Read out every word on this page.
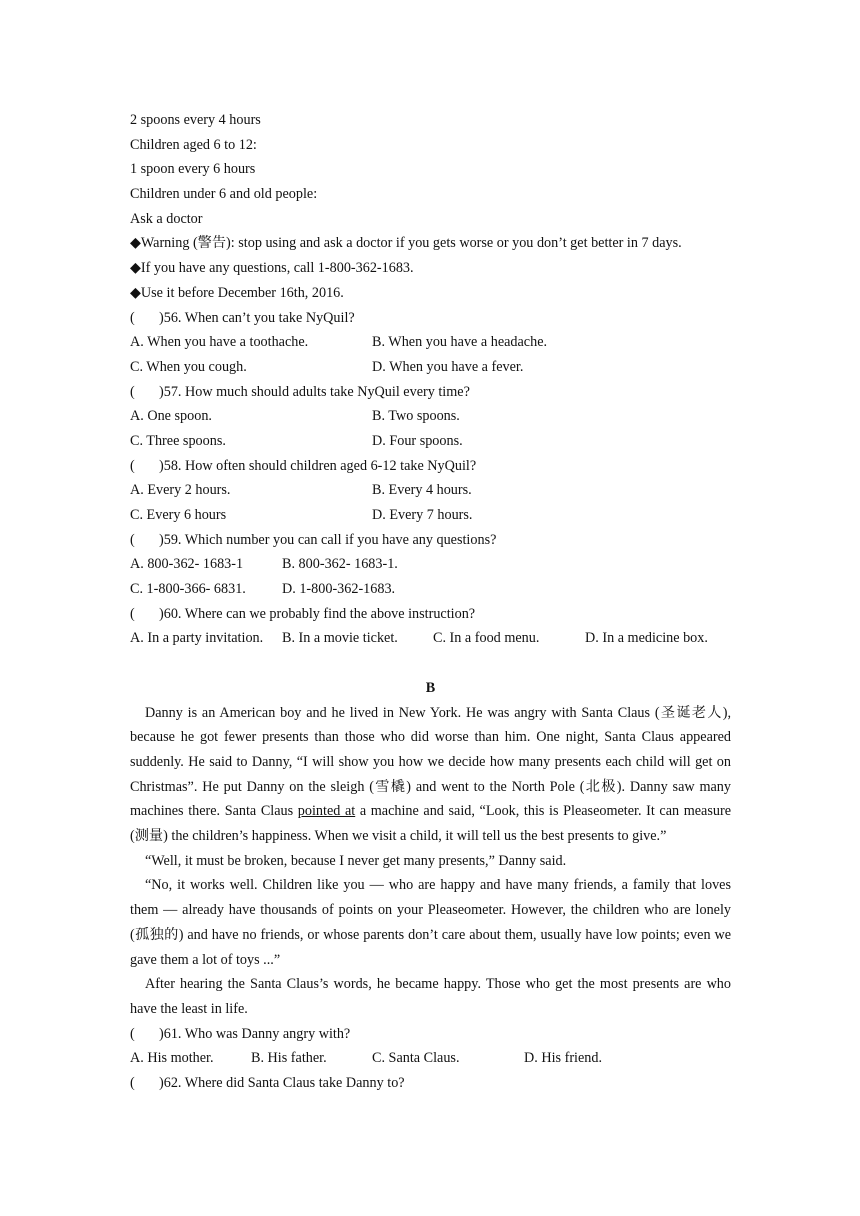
2 spoons every 4 hours
Children aged 6 to 12:
1 spoon every 6 hours
Children under 6 and old people:
Ask a doctor
◆Warning (警告): stop using and ask a doctor if you gets worse or you don’t get better in 7 days.
◆If you have any questions, call 1-800-362-1683.
◆Use it before December 16th, 2016.
( )56. When can’t you take NyQuil?
A. When you have a toothache.	B. When you have a headache.
C. When you cough.	D. When you have a fever.
( )57. How much should adults take NyQuil every time?
A. One spoon.	B. Two spoons.
C. Three spoons.	D. Four spoons.
( )58. How often should children aged 6-12 take NyQuil?
A. Every 2 hours.	B. Every 4 hours.
C. Every 6 hours	D. Every 7 hours.
( )59. Which number you can call if you have any questions?
A. 800-362- 1683-1	B. 800-362- 1683-1.
C. 1-800-366- 6831.	D. 1-800-362-1683.
( )60. Where can we probably find the above instruction?
A. In a party invitation. B. In a movie ticket. C. In a food menu.	D. In a medicine box.
B
Danny is an American boy and he lived in New York. He was angry with Santa Claus (圣诞老人), because he got fewer presents than those who did worse than him. One night, Santa Claus appeared suddenly. He said to Danny, “I will show you how we decide how many presents each child will get on Christmas”. He put Danny on the sleigh (雪橇) and went to the North Pole (北极). Danny saw many machines there. Santa Claus pointed at a machine and said, “Look, this is Pleaseometer. It can measure (测量) the children’s happiness. When we visit a child, it will tell us the best presents to give.”
“Well, it must be broken, because I never get many presents,” Danny said.
“No, it works well. Children like you — who are happy and have many friends, a family that loves them — already have thousands of points on your Pleaseometer. However, the children who are lonely (孤独的) and have no friends, or whose parents don’t care about them, usually have low points; even we gave them a lot of toys ...”
After hearing the Santa Claus’s words, he became happy. Those who get the most presents are who have the least in life.
( )61. Who was Danny angry with?
A. His mother.	B. His father.	C. Santa Claus.	D. His friend.
( )62. Where did Santa Claus take Danny to?
